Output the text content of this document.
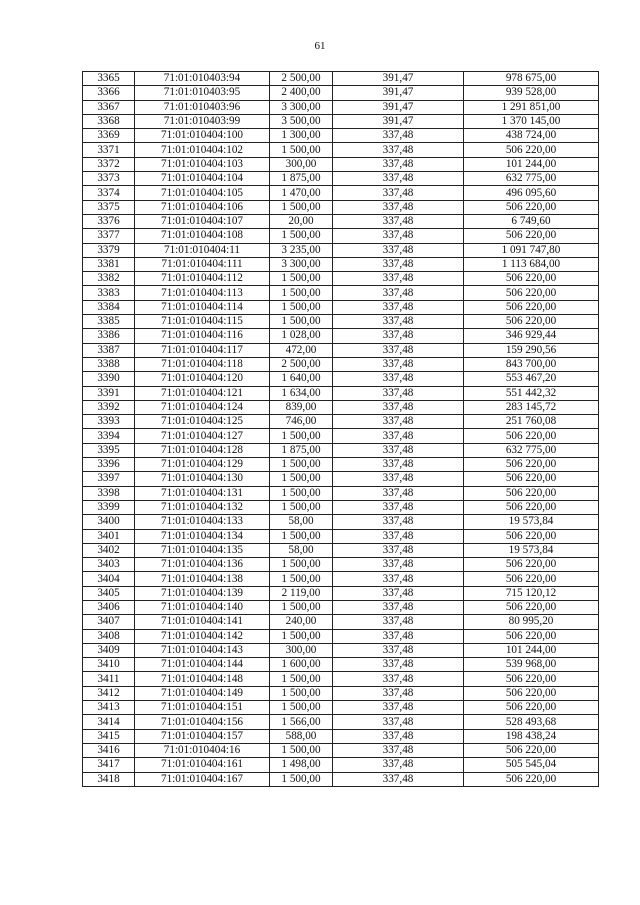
61
3365	71:01:010403:94	2 500,00	391,47	978 675,00
3366	71:01:010403:95	2 400,00	391,47	939 528,00
3367	71:01:010403:96	3 300,00	391,47	1 291 851,00
3368	71:01:010403:99	3 500,00	391,47	1 370 145,00
3369	71:01:010404:100	1 300,00	337,48	438 724,00
3371	71:01:010404:102	1 500,00	337,48	506 220,00
3372	71:01:010404:103	300,00	337,48	101 244,00
3373	71:01:010404:104	1 875,00	337,48	632 775,00
3374	71:01:010404:105	1 470,00	337,48	496 095,60
3375	71:01:010404:106	1 500,00	337,48	506 220,00
3376	71:01:010404:107	20,00	337,48	6 749,60
3377	71:01:010404:108	1 500,00	337,48	506 220,00
3379	71:01:010404:11	3 235,00	337,48	1 091 747,80
3381	71:01:010404:111	3 300,00	337,48	1 113 684,00
3382	71:01:010404:112	1 500,00	337,48	506 220,00
3383	71:01:010404:113	1 500,00	337,48	506 220,00
3384	71:01:010404:114	1 500,00	337,48	506 220,00
3385	71:01:010404:115	1 500,00	337,48	506 220,00
3386	71:01:010404:116	1 028,00	337,48	346 929,44
3387	71:01:010404:117	472,00	337,48	159 290,56
3388	71:01:010404:118	2 500,00	337,48	843 700,00
3390	71:01:010404:120	1 640,00	337,48	553 467,20
3391	71:01:010404:121	1 634,00	337,48	551 442,32
3392	71:01:010404:124	839,00	337,48	283 145,72
3393	71:01:010404:125	746,00	337,48	251 760,08
3394	71:01:010404:127	1 500,00	337,48	506 220,00
3395	71:01:010404:128	1 875,00	337,48	632 775,00
3396	71:01:010404:129	1 500,00	337,48	506 220,00
3397	71:01:010404:130	1 500,00	337,48	506 220,00
3398	71:01:010404:131	1 500,00	337,48	506 220,00
3399	71:01:010404:132	1 500,00	337,48	506 220,00
3400	71:01:010404:133	58,00	337,48	19 573,84
3401	71:01:010404:134	1 500,00	337,48	506 220,00
3402	71:01:010404:135	58,00	337,48	19 573,84
3403	71:01:010404:136	1 500,00	337,48	506 220,00
3404	71:01:010404:138	1 500,00	337,48	506 220,00
3405	71:01:010404:139	2 119,00	337,48	715 120,12
3406	71:01:010404:140	1 500,00	337,48	506 220,00
3407	71:01:010404:141	240,00	337,48	80 995,20
3408	71:01:010404:142	1 500,00	337,48	506 220,00
3409	71:01:010404:143	300,00	337,48	101 244,00
3410	71:01:010404:144	1 600,00	337,48	539 968,00
3411	71:01:010404:148	1 500,00	337,48	506 220,00
3412	71:01:010404:149	1 500,00	337,48	506 220,00
3413	71:01:010404:151	1 500,00	337,48	506 220,00
3414	71:01:010404:156	1 566,00	337,48	528 493,68
3415	71:01:010404:157	588,00	337,48	198 438,24
3416	71:01:010404:16	1 500,00	337,48	506 220,00
3417	71:01:010404:161	1 498,00	337,48	505 545,04
3418	71:01:010404:167	1 500,00	337,48	506 220,00
